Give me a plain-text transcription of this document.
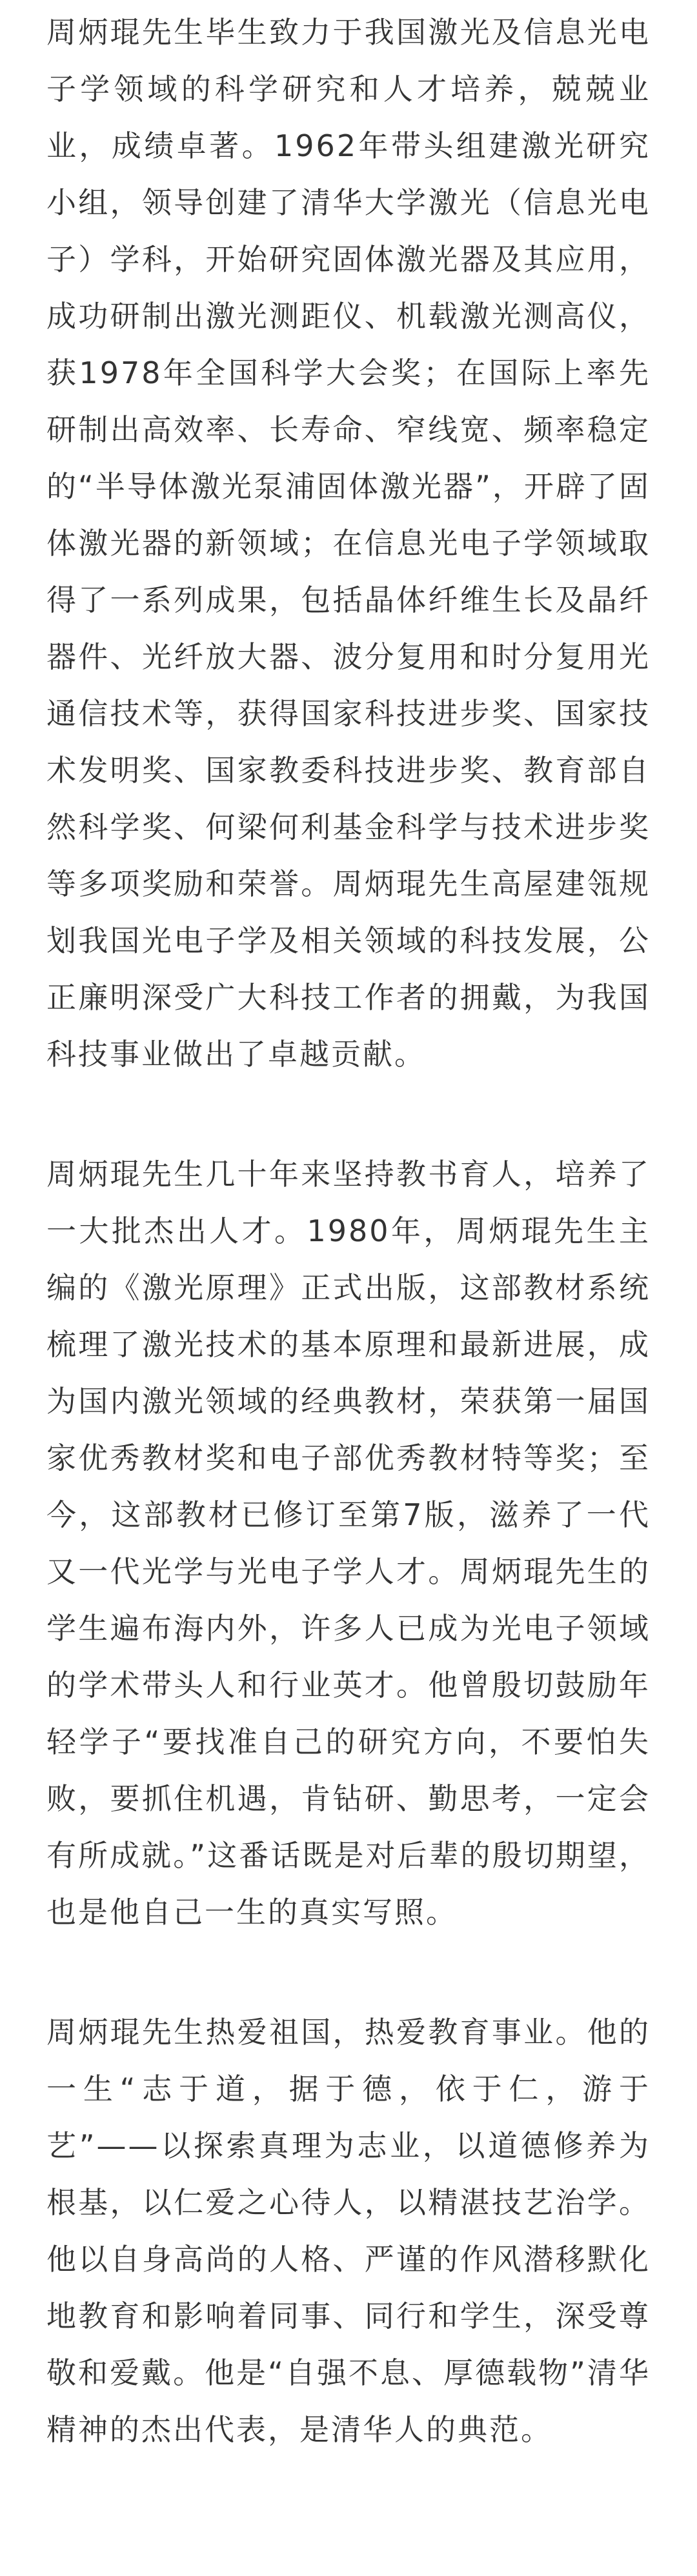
周炳琨先生毕生致力于我国激光及信息光电子学领域的科学研究和人才培养，兢兢业业，成绩卓著。1962年带头组建激光研究小组，领导创建了清华大学激光（信息光电子）学科，开始研究固体激光器及其应用，成功研制出激光测距仪、机载激光测高仪，获1978年全国科学大会奖；在国际上率先研制出高效率、长寿命、窄线宽、频率稳定的“半导体激光泵浦固体激光器”，开辟了固体激光器的新领域；在信息光电子学领域取得了一系列成果，包括晶体纤维生长及晶纤器件、光纤放大器、波分复用和时分复用光通信技术等，获得国家科技进步奖、国家技术发明奖、国家教委科技进步奖、教育部自然科学奖、何梁何利基金科学与技术进步奖等多项奖励和荣誉。周炳琨先生高屋建瓴规划我国光电子学及相关领域的科技发展，公正廉明深受广大科技工作者的拥戴，为我国科技事业做出了卓越贡献。

周炳琨先生几十年来坚持教书育人，培养了一大批杰出人才。1980年，周炳琨先生主编的《激光原理》正式出版，这部教材系统梳理了激光技术的基本原理和最新进展，成为国内激光领域的经典教材，荣获第一届国家优秀教材奖和电子部优秀教材特等奖；至今，这部教材已修订至第7版，滋养了一代又一代光学与光电子学人才。周炳琨先生的学生遍布海内外，许多人已成为光电子领域的学术带头人和行业英才。他曾殷切鼓励年轻学子“要找准自己的研究方向，不要怕失败，要抓住机遇，肯钻研、勤思考，一定会有所成就。”这番话既是对后辈的殷切期望，也是他自己一生的真实写照。

周炳琨先生热爱祖国，热爱教育事业。他的一生“志于道，据于德，依于仁，游于艺”——以探索真理为志业，以道德修养为根基，以仁爱之心待人，以精湛技艺治学。他以自身高尚的人格、严谨的作风潜移默化地教育和影响着同事、同行和学生，深受尊敬和爱戴。他是“自强不息、厚德载物”清华精神的杰出代表，是清华人的典范。
